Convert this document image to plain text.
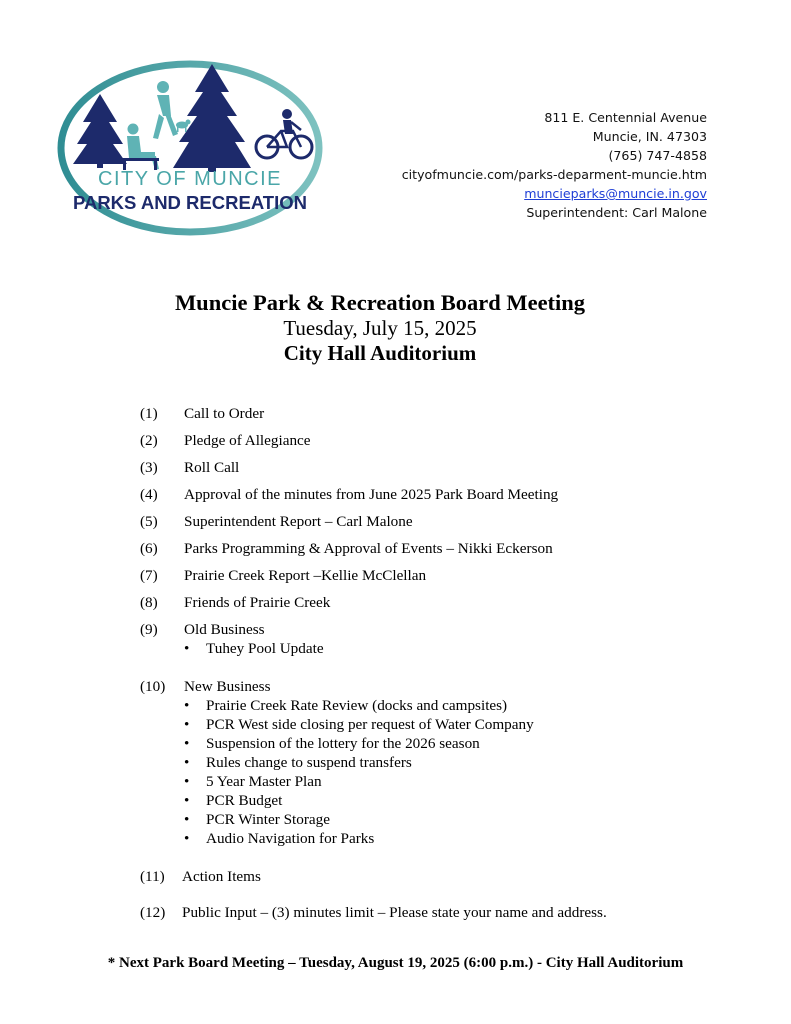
CITY OF MUNCIE
PARKS AND RECREATION
811 E. Centennial Avenue
Muncie, IN. 47303
(765) 747-4858
cityofmuncie.com/parks-deparment-muncie.htm
muncieparks@muncie.in.gov
Superintendent: Carl Malone
Muncie Park & Recreation Board Meeting
Tuesday, July 15, 2025
City Hall Auditorium
(1) Call to Order
(2) Pledge of Allegiance
(3) Roll Call
(4) Approval of the minutes from June 2025 Park Board Meeting
(5) Superintendent Report – Carl Malone
(6) Parks Programming & Approval of Events – Nikki Eckerson
(7) Prairie Creek Report –Kellie McClellan
(8) Friends of Prairie Creek
(9) Old Business
• Tuhey Pool Update
(10) New Business
• Prairie Creek Rate Review (docks and campsites)
• PCR West side closing per request of Water Company
• Suspension of the lottery for the 2026 season
• Rules change to suspend transfers
• 5 Year Master Plan
• PCR Budget
• PCR Winter Storage
• Audio Navigation for Parks
(11) Action Items
(12) Public Input – (3) minutes limit – Please state your name and address.
* Next Park Board Meeting – Tuesday, August 19, 2025 (6:00 p.m.) - City Hall Auditorium
